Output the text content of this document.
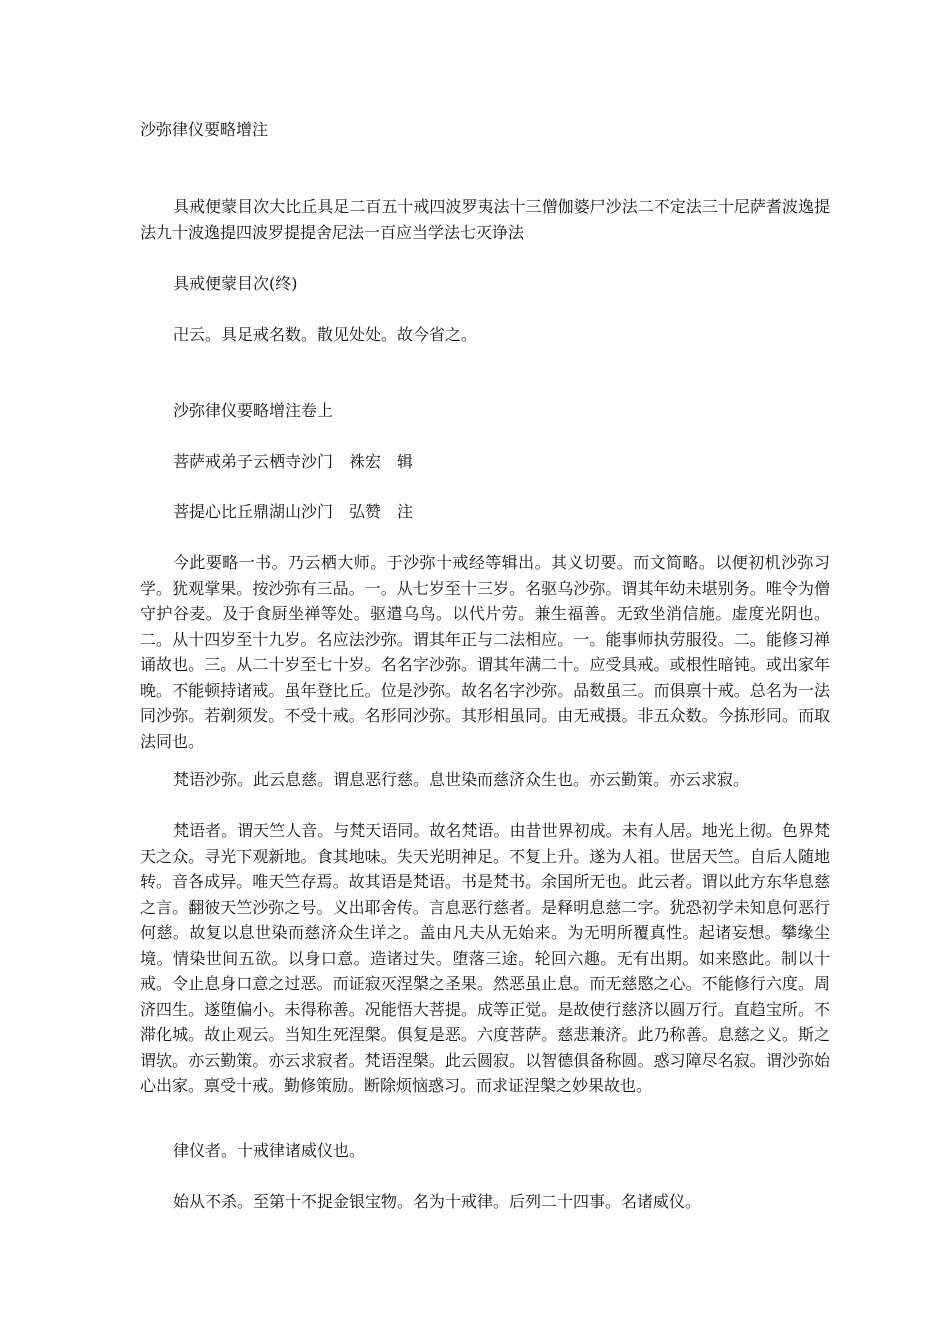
沙弥律仪要略增注

具戒便蒙目次大比丘具足二百五十戒四波罗夷法十三僧伽婆尸沙法二不定法三十尼萨耆波逸提法九十波逸提四波罗提提舍尼法一百应当学法七灭诤法

具戒便蒙目次(终)

卍云。具足戒名数。散见处处。故今省之。

沙弥律仪要略增注卷上

菩萨戒弟子云栖寺沙门　袾宏　辑

菩提心比丘鼎湖山沙门　弘赞　注

今此要略一书。乃云栖大师。于沙弥十戒经等辑出。其义切要。而文简略。以便初机沙弥习学。犹观掌果。按沙弥有三品。一。从七岁至十三岁。名驱乌沙弥。谓其年幼未堪别务。唯令为僧守护谷麦。及于食厨坐禅等处。驱遣乌鸟。以代片劳。兼生福善。无致坐消信施。虚度光阴也。二。从十四岁至十九岁。名应法沙弥。谓其年正与二法相应。一。能事师执劳服役。二。能修习禅诵故也。三。从二十岁至七十岁。名名字沙弥。谓其年满二十。应受具戒。或根性暗钝。或出家年晚。不能顿持诸戒。虽年登比丘。位是沙弥。故名名字沙弥。品数虽三。而俱禀十戒。总名为一法同沙弥。若剃须发。不受十戒。名形同沙弥。其形相虽同。由无戒摄。非五众数。今拣形同。而取法同也。

梵语沙弥。此云息慈。谓息恶行慈。息世染而慈济众生也。亦云勤策。亦云求寂。

梵语者。谓天竺人音。与梵天语同。故名梵语。由昔世界初成。未有人居。地光上彻。色界梵天之众。寻光下观新地。食其地味。失天光明神足。不复上升。遂为人祖。世居天竺。自后人随地转。音各成异。唯天竺存焉。故其语是梵语。书是梵书。余国所无也。此云者。谓以此方东华息慈之言。翻彼天竺沙弥之号。义出耶舍传。言息恶行慈者。是释明息慈二字。犹恐初学未知息何恶行何慈。故复以息世染而慈济众生详之。盖由凡夫从无始来。为无明所覆真性。起诸妄想。攀缘尘境。情染世间五欲。以身口意。造诸过失。堕落三途。轮回六趣。无有出期。如来愍此。制以十戒。令止息身口意之过恶。而证寂灭涅槃之圣果。然恶虽止息。而无慈愍之心。不能修行六度。周济四生。遂堕偏小。未得称善。况能悟大菩提。成等正觉。是故使行慈济以圆万行。直趋宝所。不滞化城。故止观云。当知生死涅槃。俱复是恶。六度菩萨。慈悲兼济。此乃称善。息慈之义。斯之谓欤。亦云勤策。亦云求寂者。梵语涅槃。此云圆寂。以智德俱备称圆。惑习障尽名寂。谓沙弥始心出家。禀受十戒。勤修策励。断除烦恼惑习。而求证涅槃之妙果故也。

律仪者。十戒律诸威仪也。

始从不杀。至第十不捉金银宝物。名为十戒律。后列二十四事。名诸威仪。
